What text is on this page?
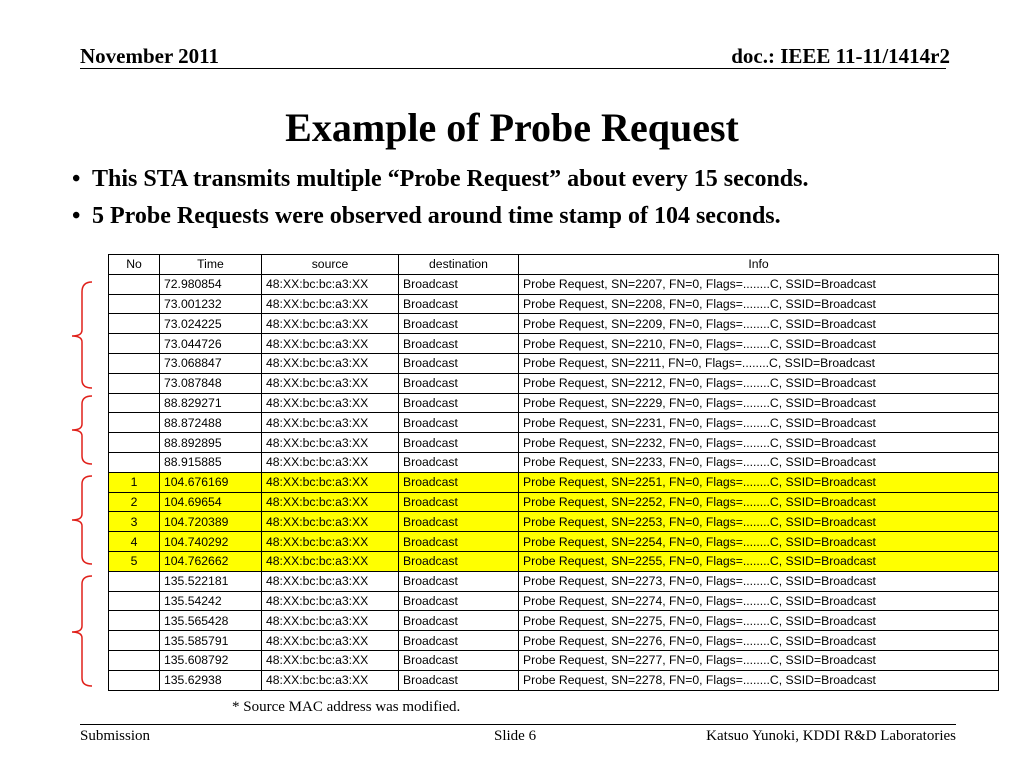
November 2011	doc.: IEEE 11-11/1414r2
Example of Probe Request
• This STA transmits multiple “Probe Request” about every 15 seconds.
• 5 Probe Requests were observed around time stamp of 104 seconds.
No	Time	source	destination	Info
	72.980854	48:XX:bc:bc:a3:XX	Broadcast	Probe Request, SN=2207, FN=0, Flags=........C, SSID=Broadcast
	73.001232	48:XX:bc:bc:a3:XX	Broadcast	Probe Request, SN=2208, FN=0, Flags=........C, SSID=Broadcast
	73.024225	48:XX:bc:bc:a3:XX	Broadcast	Probe Request, SN=2209, FN=0, Flags=........C, SSID=Broadcast
	73.044726	48:XX:bc:bc:a3:XX	Broadcast	Probe Request, SN=2210, FN=0, Flags=........C, SSID=Broadcast
	73.068847	48:XX:bc:bc:a3:XX	Broadcast	Probe Request, SN=2211, FN=0, Flags=........C, SSID=Broadcast
	73.087848	48:XX:bc:bc:a3:XX	Broadcast	Probe Request, SN=2212, FN=0, Flags=........C, SSID=Broadcast
	88.829271	48:XX:bc:bc:a3:XX	Broadcast	Probe Request, SN=2229, FN=0, Flags=........C, SSID=Broadcast
	88.872488	48:XX:bc:bc:a3:XX	Broadcast	Probe Request, SN=2231, FN=0, Flags=........C, SSID=Broadcast
	88.892895	48:XX:bc:bc:a3:XX	Broadcast	Probe Request, SN=2232, FN=0, Flags=........C, SSID=Broadcast
	88.915885	48:XX:bc:bc:a3:XX	Broadcast	Probe Request, SN=2233, FN=0, Flags=........C, SSID=Broadcast
1	104.676169	48:XX:bc:bc:a3:XX	Broadcast	Probe Request, SN=2251, FN=0, Flags=........C, SSID=Broadcast
2	104.69654	48:XX:bc:bc:a3:XX	Broadcast	Probe Request, SN=2252, FN=0, Flags=........C, SSID=Broadcast
3	104.720389	48:XX:bc:bc:a3:XX	Broadcast	Probe Request, SN=2253, FN=0, Flags=........C, SSID=Broadcast
4	104.740292	48:XX:bc:bc:a3:XX	Broadcast	Probe Request, SN=2254, FN=0, Flags=........C, SSID=Broadcast
5	104.762662	48:XX:bc:bc:a3:XX	Broadcast	Probe Request, SN=2255, FN=0, Flags=........C, SSID=Broadcast
	135.522181	48:XX:bc:bc:a3:XX	Broadcast	Probe Request, SN=2273, FN=0, Flags=........C, SSID=Broadcast
	135.54242	48:XX:bc:bc:a3:XX	Broadcast	Probe Request, SN=2274, FN=0, Flags=........C, SSID=Broadcast
	135.565428	48:XX:bc:bc:a3:XX	Broadcast	Probe Request, SN=2275, FN=0, Flags=........C, SSID=Broadcast
	135.585791	48:XX:bc:bc:a3:XX	Broadcast	Probe Request, SN=2276, FN=0, Flags=........C, SSID=Broadcast
	135.608792	48:XX:bc:bc:a3:XX	Broadcast	Probe Request, SN=2277, FN=0, Flags=........C, SSID=Broadcast
	135.62938	48:XX:bc:bc:a3:XX	Broadcast	Probe Request, SN=2278, FN=0, Flags=........C, SSID=Broadcast
* Source MAC address was modified.
Submission	Slide 6	Katsuo Yunoki, KDDI R&D Laboratories
